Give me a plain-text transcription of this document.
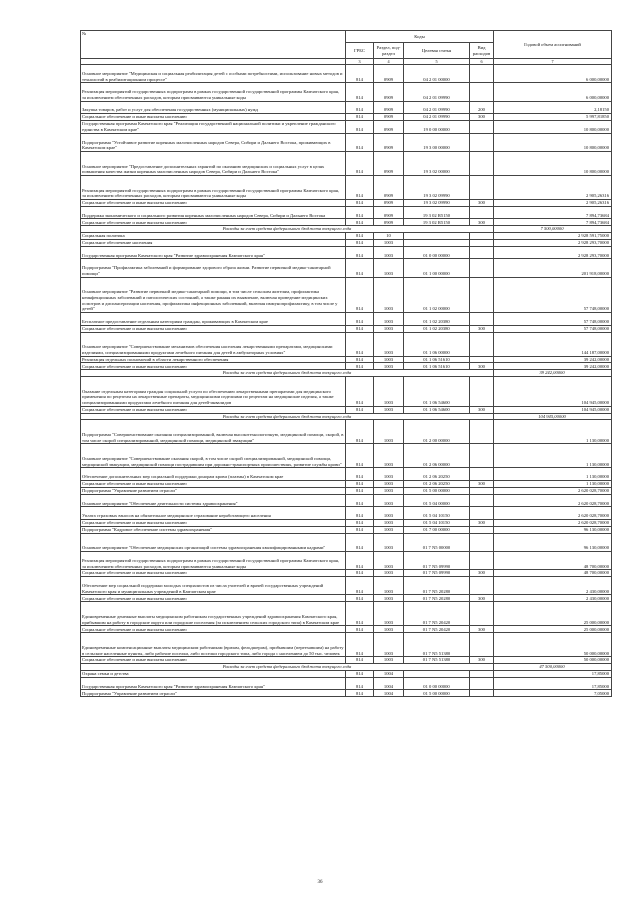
№	Коды				Годовой объем ассигнований
	ГРБС	Раздел, под-раздел	Целевая статья	Вид расходов	
	3	4	5	6	7
Основное мероприятие "Медицинская и социальная реабилитация детей с особыми потребностями, использование новых методов и технологий в реабилитационном процессе"	814	0909	04 2 01 00000		6 000,00000
Реализация мероприятий государственных подпрограмм в рамках государственной государственной программы Камчатского края, за исключением обеспеченных расходов, которым присваиваются уникальные коды	814	0909	04 2 01 09990		6 000,00000
Закупка товаров, работ и услуг для обеспечения государственных (муниципальных) нужд	814	0909	04 2 01 09990	200	2,18150
Социальное обеспечение и иные выплаты населению	814	0909	04 2 01 09990	300	5 997,81850
Государственная программа Камчатского края "Реализация государственной национальной политики и укрепление гражданского единства в Камчатском крае"	814	0909	19 0 00 00000		10 800,00000
Подпрограмма "Устойчивое развитие коренных малочисленных народов Севера, Сибири и Дальнего Востока, проживающих в Камчатском крае"	814	0909	19 3 00 00000		10 800,00000
Основное мероприятие "Предоставление дополнительных гарантий по оказанию медицинских и социальных услуг в целях повышения качества жизни коренных малочисленных народов Севера, Сибири и Дальнего Востока"	814	0909	19 3 02 00000		10 800,00000
Реализация мероприятий государственных подпрограмм в рамках государственной государственной программы Камчатского края, за исключением обеспеченных расходов, которым присваиваются уникальные коды	814	0909	19 3 02 09990		2 905,26316
Социальное обеспечение и иные выплаты населению	814	0909	19 3 02 09990	300	2 905,26316
Поддержка экономического и социального развития коренных малочисленных народов Севера, Сибири и Дальнего Востока	814	0909	19 3 02 R5150		7 894,73684
Социальное обеспечение и иные выплаты населению	814	0909	19 3 02 R5150	300	7 894,73684
Расходы за счет средств федерального бюджета текущего года					7 500,00000
Социальная политика	814	10			2 928 591,75000
Социальное обеспечение населения	814	1003			2 928 293,70000
Государственная программа Камчатского края "Развитие здравоохранения Камчатского края"	814	1003	01 0 00 00000		2 928 293,70000
Подпрограмма "Профилактика заболеваний и формирование здорового образа жизни. Развитие первичной медико-санитарной помощи"	814	1003	01 1 00 00000		201 918,00000
Основное мероприятие "Развитие первичной медико-санитарной помощи, в том числе сельским жителям, профилактика неинфекционных заболеваний и патологических состояний, а также ранняя их выявление, включая проведение медицинских осмотров и диспансеризации населения, профилактика инфекционных заболеваний, включая иммунопрофилактику, в том числе у детей"	814	1003	01 1 02 00000		57 748,00000
Бесплатное предоставление отдельным категориям граждан, проживающих в Камчатском крае	814	1003	01 1 02 20380		57 748,00000
Социальное обеспечение и иные выплаты населению	814	1003	01 1 02 20380	300	57 748,00000
Основное мероприятие "Совершенствование механизмов обеспечения населения лекарственными препаратами, медицинскими изделиями, специализированными продуктами лечебного питания для детей в амбулаторных условиях"	814	1003	01 1 06 00000		144 187,00000
Реализация отдельных полномочий в области лекарственного обеспечения	814	1003	01 1 06 51610		39 242,00000
Социальное обеспечение и иные выплаты населению	814	1003	01 1 06 51610	300	39 242,00000
Расходы за счет средств федерального бюджета текущего года					39 242,00000
Оказание отдельным категориям граждан социальной услуги по обеспечению лекарственными препаратами для медицинского применения по рецептам на лекарственные препараты, медицинскими изделиями по рецептам на медицинские изделия, а также специализированными продуктами лечебного питания для детей-инвалидов	814	1003	01 1 06 54600		104 945,00000
Социальное обеспечение и иные выплаты населению	814	1003	01 1 06 54600	300	104 945,00000
Расходы за счет средств федерального бюджета текущего года					104 945,00000
Подпрограмма "Совершенствование оказания специализированной, включая высокотехнологичную, медицинской помощи, скорой, в том числе скорой специализированной, медицинской помощи, медицинской эвакуации"	814	1003	01 2 00 00000		1 130,00000
Основное мероприятие "Совершенствование оказания скорой, в том числе скорой специализированной, медицинской помощи, медицинской эвакуации, медицинской помощи пострадавшим при дорожно-транспортных происшествиях, развитие службы крови"	814	1003	01 2 06 00000		1 130,00000
Обеспечение дополнительных мер социальной поддержки донорам крови (плазмы) в Камчатском крае	814	1003	01 2 06 20250		1 130,00000
Социальное обеспечение и иные выплаты населению	814	1003	01 2 06 20250	300	1 130,00000
Подпрограмма "Управление развитием отрасли"	814	1003	01 5 00 00000		2 620 028,70000
Основное мероприятие "Обеспечение деятельности системы здравоохранения"	814	1003	01 5 04 00000		2 620 028,70000
Уплата страховых взносов на обязательное медицинское страхование неработающего населения	814	1003	01 5 04 10150		2 620 028,70000
Социальное обеспечение и иные выплаты населению	814	1003	01 5 04 10150	300	2 620 028,70000
Подпрограмма "Кадровое обеспечение системы здравоохранения"	814	1003	01 7 00 00000		96 130,00000
Основное мероприятие "Обеспечение медицинских организаций системы здравоохранения квалифицированными кадрами"	814	1003	01 7 N5 00000		96 130,00000
Реализация мероприятий государственных подпрограмм в рамках государственной государственной программы Камчатского края, за исключением обеспеченных расходов, которым присваиваются уникальные коды	814	1003	01 7 N5 09990		48 700,00000
Социальное обеспечение и иные выплаты населению	814	1003	01 7 N5 09990	300	48 700,00000
Обеспечение мер социальной поддержки молодых специалистов из числа учителей и врачей государственных учреждений Камчатского края и муниципальных учреждений в Камчатском крае	814	1003	01 7 N5 20280		2 430,00000
Социальное обеспечение и иные выплаты населению	814	1003	01 7 N5 20280	300	2 430,00000
Единовременные денежные выплаты медицинским работникам государственных учреждений здравоохранения Камчатского края, прибывшим на работу в городские округа или городские поселения (за исключением сельских городского типа) в Камчатском крае	814	1003	01 7 N5 20420		25 000,00000
Социальное обеспечение и иные выплаты населению	814	1003	01 7 N5 20420	300	25 000,00000
Единовременные компенсационные выплаты медицинским работникам (врачам, фельдшерам), прибывшим (переехавшим) на работу в сельские населенные пункты, либо рабочие поселки, либо поселки городского типа, либо города с населением до 50 тыс. человек	814	1003	01 7 N5 51380		50 000,00000
Социальное обеспечение и иные выплаты населению	814	1003	01 7 N5 51380	300	50 000,00000
Расходы за счет средств федерального бюджета текущего года					47 500,00000
Охрана семьи и детства	814	1004			17,85000
Государственная программа Камчатского края "Развитие здравоохранения Камчатского края"	814	1004	01 0 00 00000		17,85000
Подпрограмма "Управление развитием отрасли"	814	1004	01 5 00 00000		7,05000
36
